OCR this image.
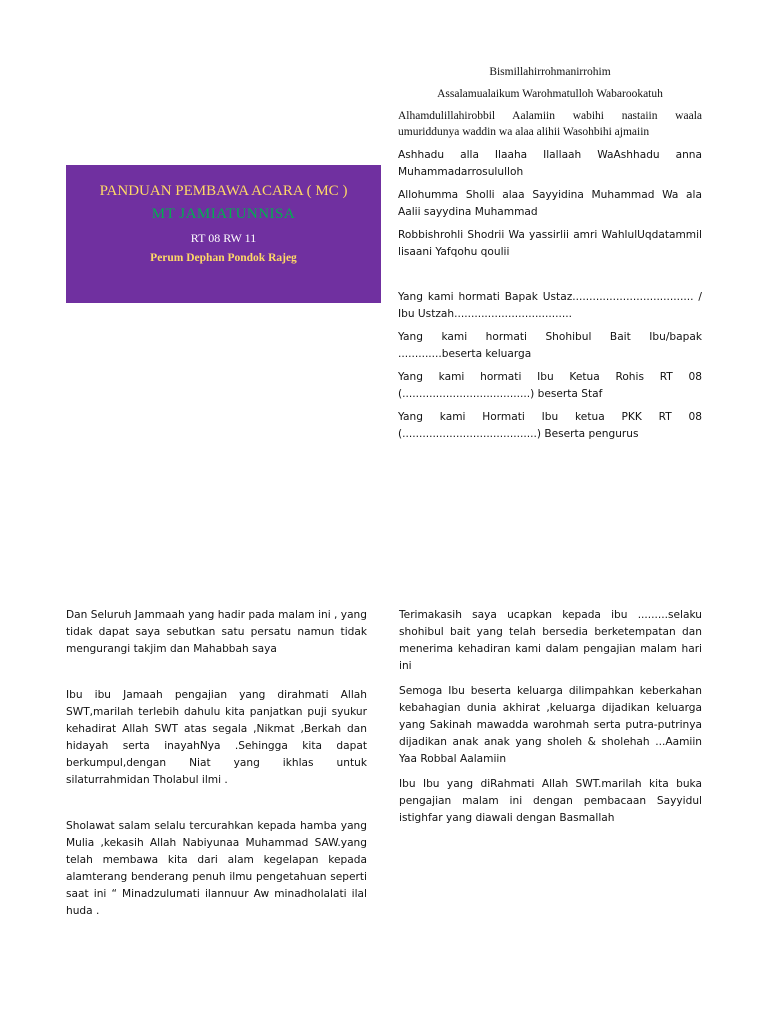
PANDUAN PEMBAWA ACARA ( MC )
MT JAMIATUNNISA
RT 08 RW 11
Perum Dephan Pondok Rajeg

Bismillahirrohmanirrohim

Assalamualaikum Warohmatulloh Wabarookatuh

Alhamdulillahirobbil Aalamiin wabihi nastaiin waala umuriddunya waddin wa alaa alihii Wasohbihi ajmaiin

Ashhadu alla Ilaaha Ilallaah WaAshhadu anna Muhammadarrosululloh

Allohumma Sholli alaa Sayyidina Muhammad Wa ala Aalii sayydina Muhammad

Robbishrohli Shodrii Wa yassirlii amri WahlulUqdatammil lisaani Yafqohu qoulii

Yang kami hormati Bapak Ustaz.................................... / Ibu Ustzah...................................

Yang kami hormati Shohibul Bait Ibu/bapak .............beserta keluarga

Yang kami hormati Ibu Ketua Rohis RT 08 (......................................) beserta Staf

Yang kami Hormati Ibu ketua PKK RT 08 (........................................) Beserta pengurus

Dan Seluruh Jammaah yang hadir pada malam ini , yang tidak dapat saya sebutkan satu persatu namun tidak mengurangi takjim dan Mahabbah saya

Ibu ibu Jamaah pengajian yang dirahmati Allah SWT,marilah terlebih dahulu kita panjatkan puji syukur kehadirat Allah SWT atas segala ,Nikmat ,Berkah dan hidayah serta inayahNya .Sehingga kita dapat berkumpul,dengan Niat yang ikhlas untuk silaturrahmidan Tholabul ilmi .

Sholawat salam selalu tercurahkan kepada hamba yang Mulia ,kekasih Allah Nabiyunaa Muhammad SAW.yang telah membawa kita dari alam kegelapan kepada alamterang benderang penuh ilmu pengetahuan seperti saat ini “ Minadzulumati ilannuur Aw minadholalati ilal huda .

Terimakasih saya ucapkan kepada ibu .........selaku shohibul bait yang telah bersedia berketempatan dan menerima kehadiran kami dalam pengajian malam hari ini

Semoga Ibu beserta keluarga dilimpahkan keberkahan kebahagian dunia akhirat ,keluarga dijadikan keluarga yang Sakinah mawadda warohmah serta putra-putrinya dijadikan anak anak yang sholeh & sholehah ...Aamiin Yaa Robbal Aalamiin

Ibu Ibu yang diRahmati Allah SWT.marilah kita buka pengajian malam ini dengan pembacaan Sayyidul istighfar yang diawali dengan Basmallah
